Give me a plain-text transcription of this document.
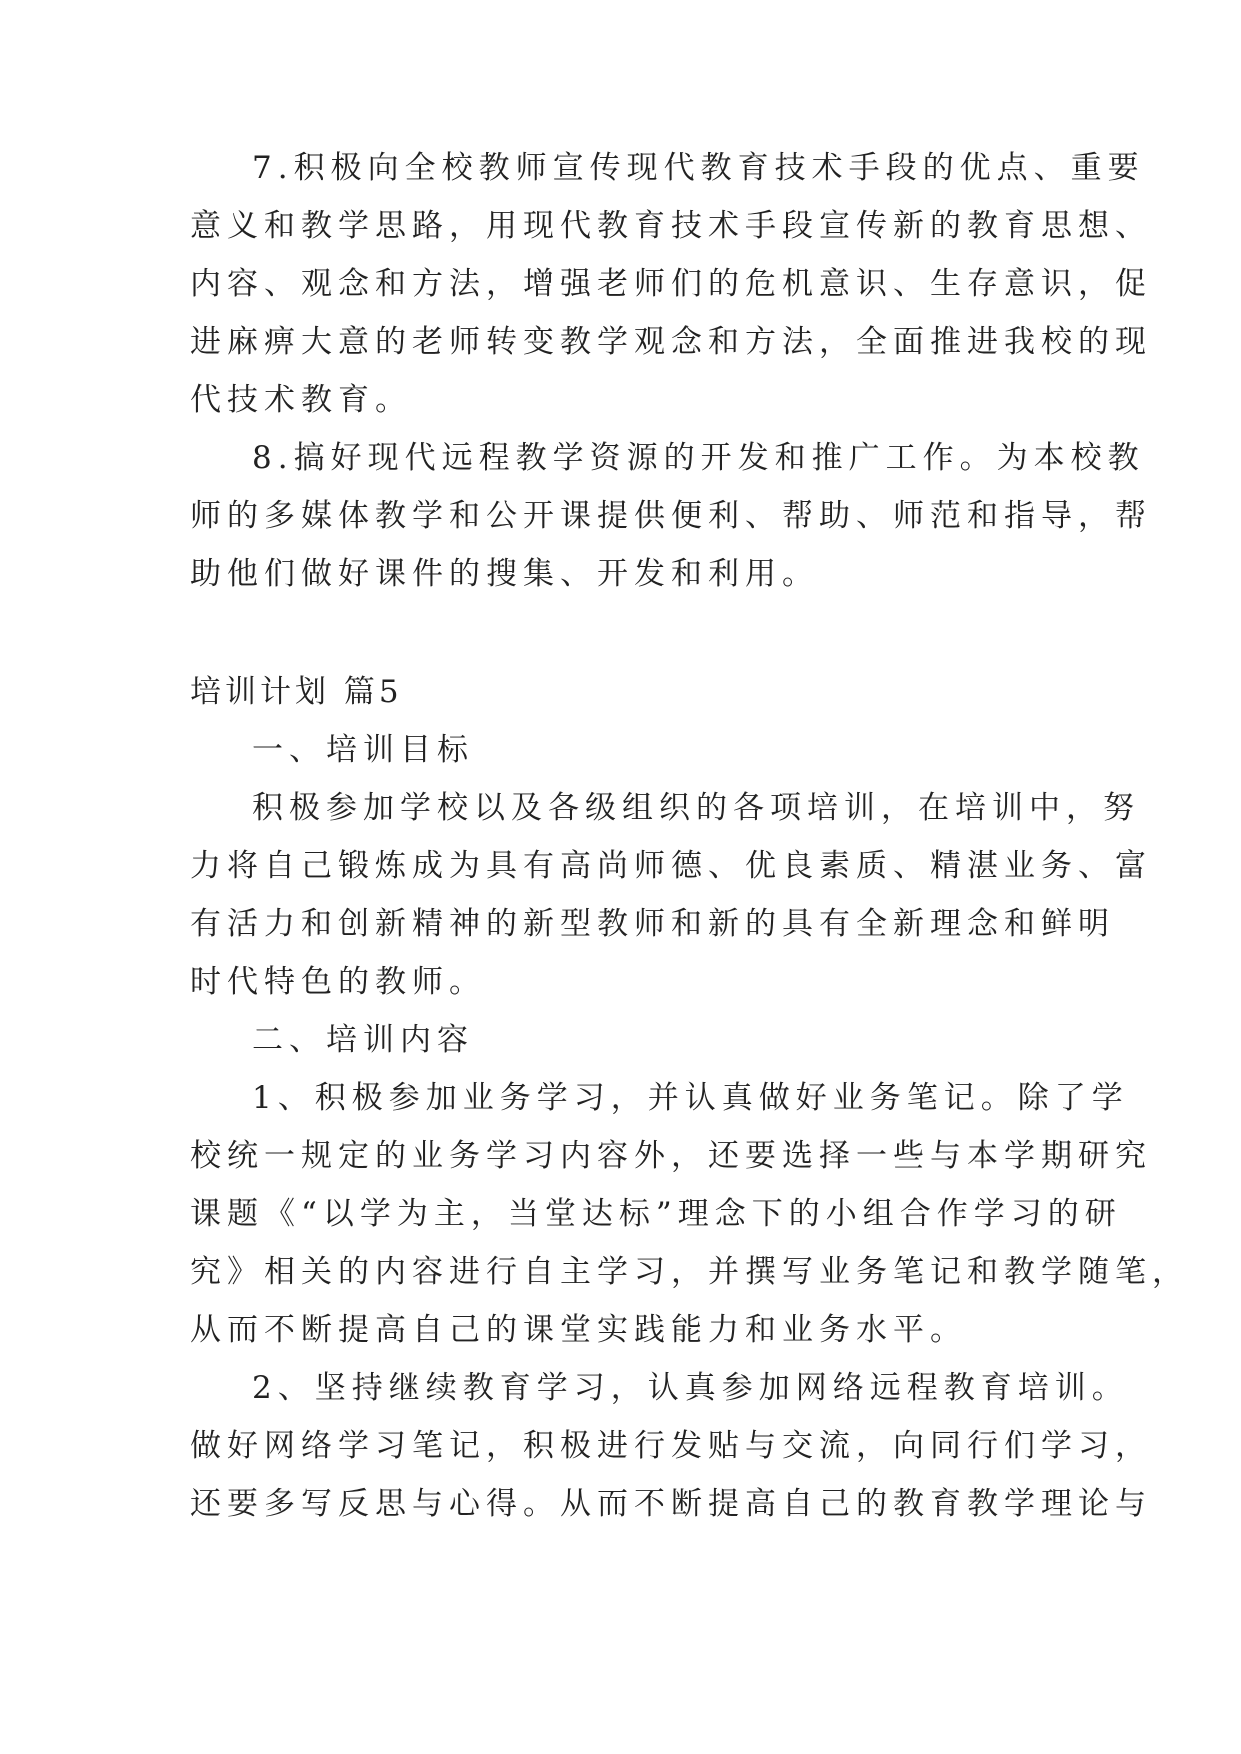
7.积极向全校教师宣传现代教育技术手段的优点、重要
意义和教学思路，用现代教育技术手段宣传新的教育思想、
内容、观念和方法，增强老师们的危机意识、生存意识，促
进麻痹大意的老师转变教学观念和方法，全面推进我校的现
代技术教育。
8.搞好现代远程教学资源的开发和推广工作。为本校教
师的多媒体教学和公开课提供便利、帮助、师范和指导，帮
助他们做好课件的搜集、开发和利用。
培训计划 篇5
一、培训目标
积极参加学校以及各级组织的各项培训，在培训中，努
力将自己锻炼成为具有高尚师德、优良素质、精湛业务、富
有活力和创新精神的新型教师和新的具有全新理念和鲜明
时代特色的教师。
二、培训内容
1、积极参加业务学习，并认真做好业务笔记。除了学
校统一规定的业务学习内容外，还要选择一些与本学期研究
课题《“以学为主，当堂达标”理念下的小组合作学习的研
究》相关的内容进行自主学习，并撰写业务笔记和教学随笔，
从而不断提高自己的课堂实践能力和业务水平。
2、坚持继续教育学习，认真参加网络远程教育培训。
做好网络学习笔记，积极进行发贴与交流，向同行们学习，
还要多写反思与心得。从而不断提高自己的教育教学理论与
